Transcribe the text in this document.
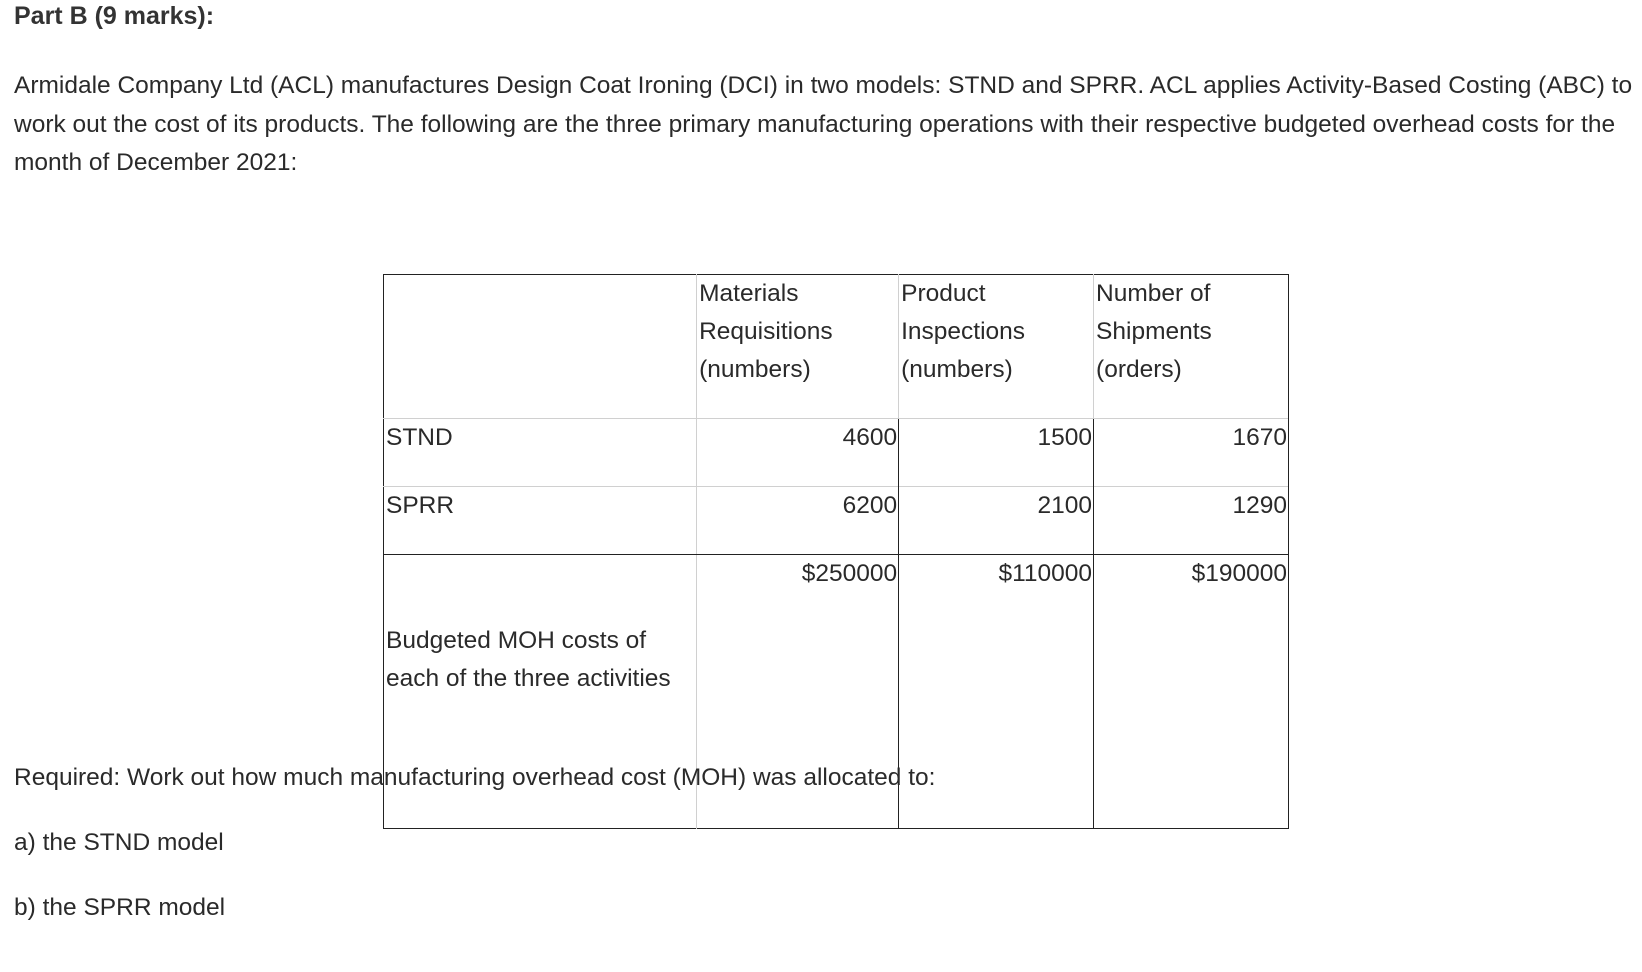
Part B (9 marks):

Armidale Company Ltd (ACL) manufactures Design Coat Ironing (DCI) in two models: STND and SPRR. ACL applies Activity-Based Costing (ABC) to work out the cost of its products. The following are the three primary manufacturing operations with their respective budgeted overhead costs for the month of December 2021:

	Materials Requisitions (numbers)	Product Inspections (numbers)	Number of Shipments (orders)
STND	4600	1500	1670
SPRR	6200	2100	1290
Budgeted MOH costs of each of the three activities	$250000	$110000	$190000

Required: Work out how much manufacturing overhead cost (MOH) was allocated to:

a) the STND model

b) the SPRR model
